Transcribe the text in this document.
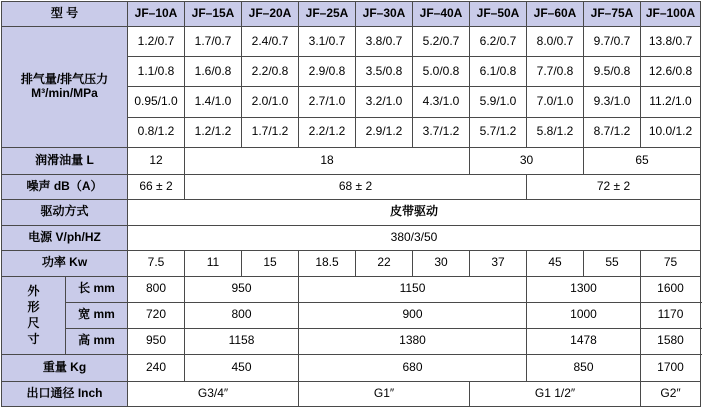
型 号		JF–10A	JF–15A	JF–20A	JF–25A	JF–30A	JF–40A	JF–50A	JF–60A	JF–75A	JF–100A

排气量/排气压力
M³/min/MPa		1.2/0.7	1.7/0.7	2.4/0.7	3.1/0.7	3.8/0.7	5.2/0.7	6.2/0.7	8.0/0.7	9.7/0.7	13.8/0.7
		1.1/0.8	1.6/0.8	2.2/0.8	2.9/0.8	3.5/0.8	5.0/0.8	6.1/0.8	7.7/0.8	9.5/0.8	12.6/0.8
		0.95/1.0	1.4/1.0	2.0/1.0	2.7/1.0	3.2/1.0	4.3/1.0	5.9/1.0	7.0/1.0	9.3/1.0	11.2/1.0
		0.8/1.2	1.2/1.2	1.7/1.2	2.2/1.2	2.9/1.2	3.7/1.2	5.7/1.2	5.8/1.2	8.7/1.2	10.0/1.2
润滑油量 L		12	18					30		65	
噪声 dB（A）		66 ± 2	68 ± 2						72 ± 2		
驱动方式		皮带驱动									
电源 V/ph/HZ		380/3/50									
功率 Kw		7.5	11	15	18.5	22	30	37	45	55	75

外
形
尺
寸	长 mm	800	950		1150				1300		1600
	宽 mm	720	800		900				1000		1170
	高 mm	950	1158		1380				1478		1580
重量 Kg		240	450		680				850		1700
出口通径 Inch		G3/4″			G1″			G1 1/2″			G2″
